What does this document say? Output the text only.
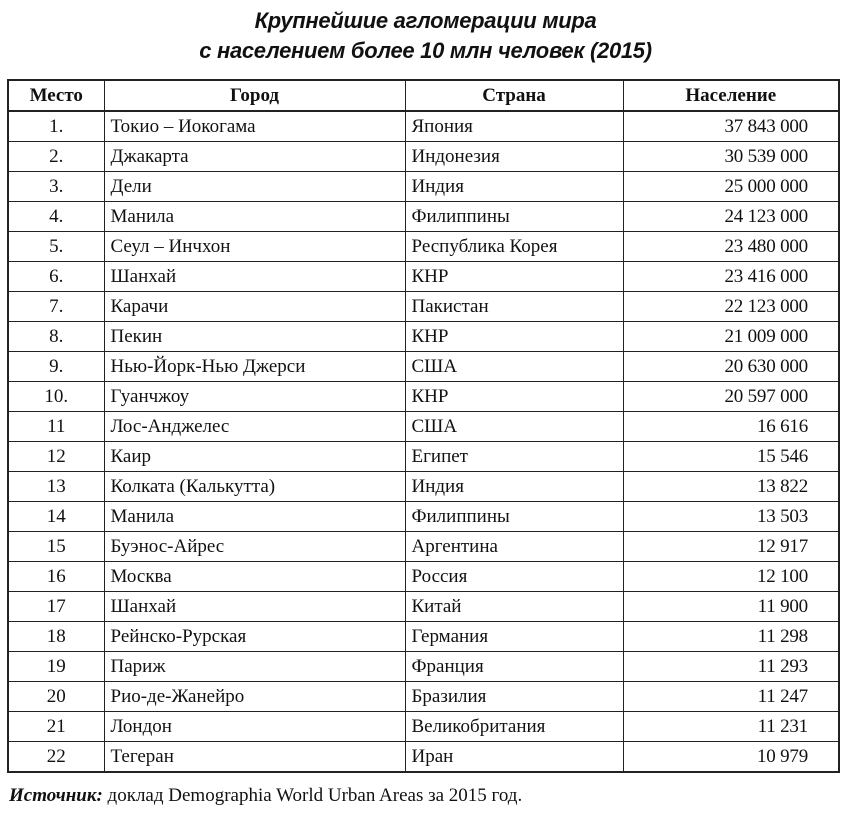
Крупнейшие агломерации мира
с населением более 10 млн человек (2015)
Место	Город	Страна	Население
1.	Токио – Иокогама	Япония	37 843 000
2.	Джакарта	Индонезия	30 539 000
3.	Дели	Индия	25 000 000
4.	Манила	Филиппины	24 123 000
5.	Сеул – Инчхон	Республика Корея	23 480 000
6.	Шанхай	КНР	23 416 000
7.	Карачи	Пакистан	22 123 000
8.	Пекин	КНР	21 009 000
9.	Нью-Йорк-Нью Джерси	США	20 630 000
10.	Гуанчжоу	КНР	20 597 000
11	Лос-Анджелес	США	16 616
12	Каир	Египет	15 546
13	Колката (Калькутта)	Индия	13 822
14	Манила	Филиппины	13 503
15	Буэнос-Айрес	Аргентина	12 917
16	Москва	Россия	12 100
17	Шанхай	Китай	11 900
18	Рейнско-Рурская	Германия	11 298
19	Париж	Франция	11 293
20	Рио-де-Жанейро	Бразилия	11 247
21	Лондон	Великобритания	11 231
22	Тегеран	Иран	10 979
Источник: доклад Demographia World Urban Areas за 2015 год.
